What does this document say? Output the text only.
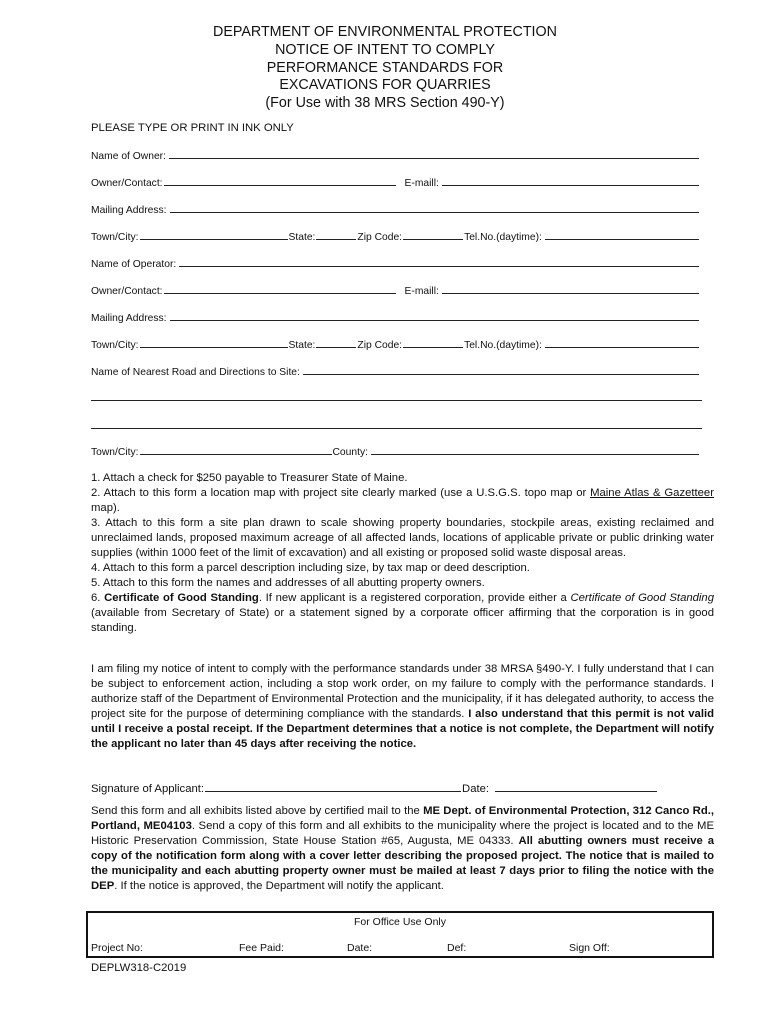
DEPARTMENT OF ENVIRONMENTAL PROTECTION
NOTICE OF INTENT TO COMPLY
PERFORMANCE STANDARDS FOR
EXCAVATIONS FOR QUARRIES
(For Use with 38 MRS Section 490-Y)
PLEASE TYPE OR PRINT IN INK ONLY
Name of Owner:
Owner/Contact:	E-maill:
Mailing Address:
Town/City:	State:	Zip Code:	Tel.No.(daytime):
Name of Operator:
Owner/Contact:	E-maill:
Mailing Address:
Town/City:	State:	Zip Code:	Tel.No.(daytime):
Name of Nearest Road and Directions to Site:
Town/City:	County:

1. Attach a check for $250 payable to Treasurer State of Maine.

2. Attach to this form a location map with project site clearly marked (use a U.S.G.S. topo map or Maine Atlas & Gazetteer map).

3. Attach to this form a site plan drawn to scale showing property boundaries, stockpile areas, existing reclaimed and unreclaimed lands, proposed maximum acreage of all affected lands, locations of applicable private or public drinking water supplies (within 1000 feet of the limit of excavation) and all existing or proposed solid waste disposal areas.

4. Attach to this form a parcel description including size, by tax map or deed description.

5. Attach to this form the names and addresses of all abutting property owners.

6. Certificate of Good Standing. If new applicant is a registered corporation, provide either a Certificate of Good Standing (available from Secretary of State) or a statement signed by a corporate officer affirming that the corporation is in good standing.

I am filing my notice of intent to comply with the performance standards under 38 MRSA §490-Y. I fully understand that I can be subject to enforcement action, including a stop work order, on my failure to comply with the performance standards. I authorize staff of the Department of Environmental Protection and the municipality, if it has delegated authority, to access the project site for the purpose of determining compliance with the standards. I also understand that this permit is not valid until I receive a postal receipt. If the Department determines that a notice is not complete, the Department will notify the applicant no later than 45 days after receiving the notice.

Signature of Applicant:	Date:

Send this form and all exhibits listed above by certified mail to the ME Dept. of Environmental Protection, 312 Canco Rd., Portland, ME04103. Send a copy of this form and all exhibits to the municipality where the project is located and to the ME Historic Preservation Commission, State House Station #65, Augusta, ME 04333. All abutting owners must receive a copy of the notification form along with a cover letter describing the proposed project. The notice that is mailed to the municipality and each abutting property owner must be mailed at least 7 days prior to filing the notice with the DEP. If the notice is approved, the Department will notify the applicant.

For Office Use Only
Project No:	Fee Paid:	Date:	Def:	Sign Off:
DEPLW318-C2019
